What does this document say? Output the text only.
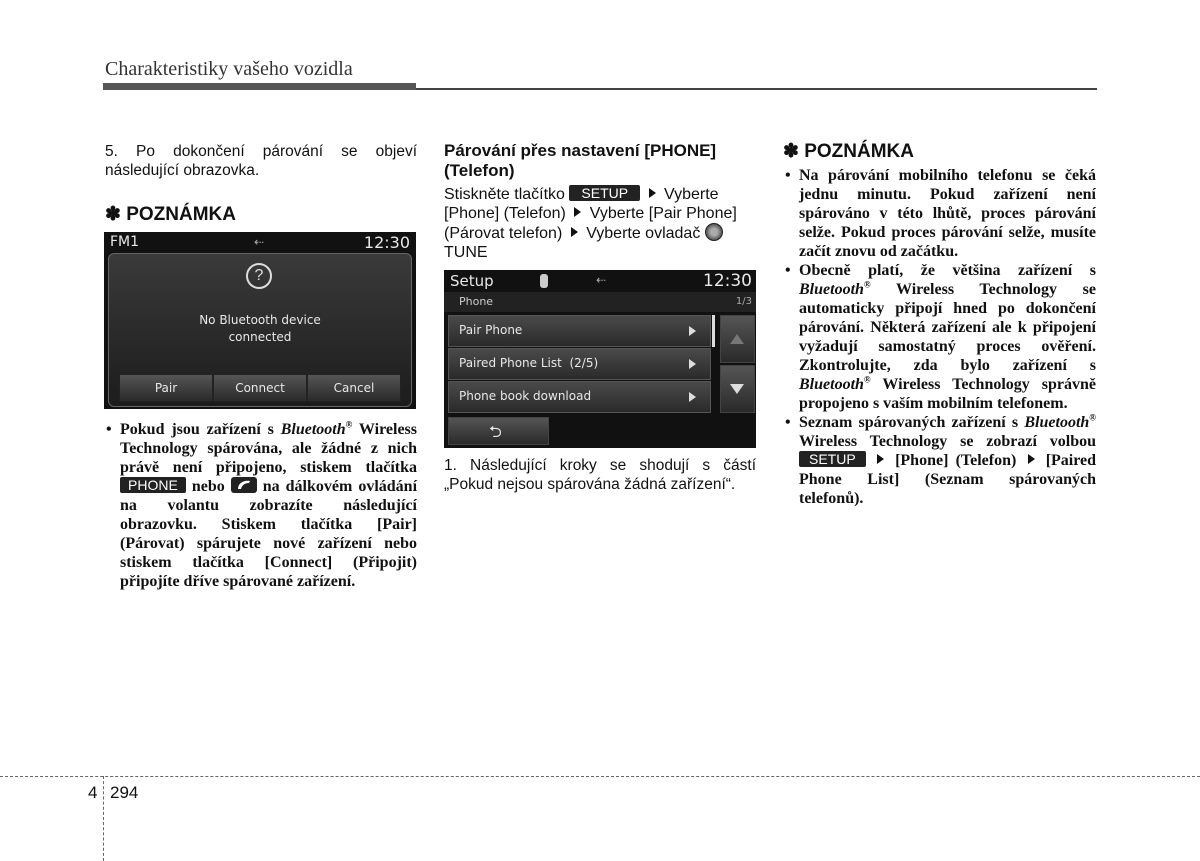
Charakteristiky vašeho vozidla
5. Po dokončení párování se objeví následující obrazovka.
✽ POZNÁMKA
FM1	⇠	12:30
?
No Bluetooth device
connected
Pair	Connect	Cancel
• Pokud jsou zařízení s Bluetooth® Wireless Technology spárována, ale žádné z nich právě není připojeno, stiskem tlačítka PHONE nebo na dálkovém ovládání na volantu zobrazíte následující obrazovku. Stiskem tlačítka [Pair] (Párovat) spárujete nové zařízení nebo stiskem tlačítka [Connect] (Připojit) připojíte dříve spárované zařízení.
Párování přes nastavení [PHONE] (Telefon)
Stiskněte tlačítko SETUP Vyberte [Phone] (Telefon) Vyberte [Pair Phone] (Párovat telefon) Vyberte ovladač
TUNE
Setup	⇠	12:30
Phone	1/3
Pair Phone
Paired Phone List  (2/5)
Phone book download
⮌
1. Následující kroky se shodují s částí „Pokud nejsou spárována žádná zařízení“.
✽ POZNÁMKA
• Na párování mobilního telefonu se čeká jednu minutu. Pokud zařízení není spárováno v této lhůtě, proces párování selže. Pokud proces párování selže, musíte začít znovu od začátku.
• Obecně platí, že většina zařízení s Bluetooth® Wireless Technology se automaticky připojí hned po dokončení párování. Některá zařízení ale k připojení vyžadují samostatný proces ověření. Zkontrolujte, zda bylo zařízení s Bluetooth® Wireless Technology správně propojeno s vaším mobilním telefonem.
• Seznam spárovaných zařízení s Bluetooth® Wireless Technology se zobrazí volbou SETUP [Phone] (Telefon) [Paired Phone List] (Seznam spárovaných telefonů).
4 294
